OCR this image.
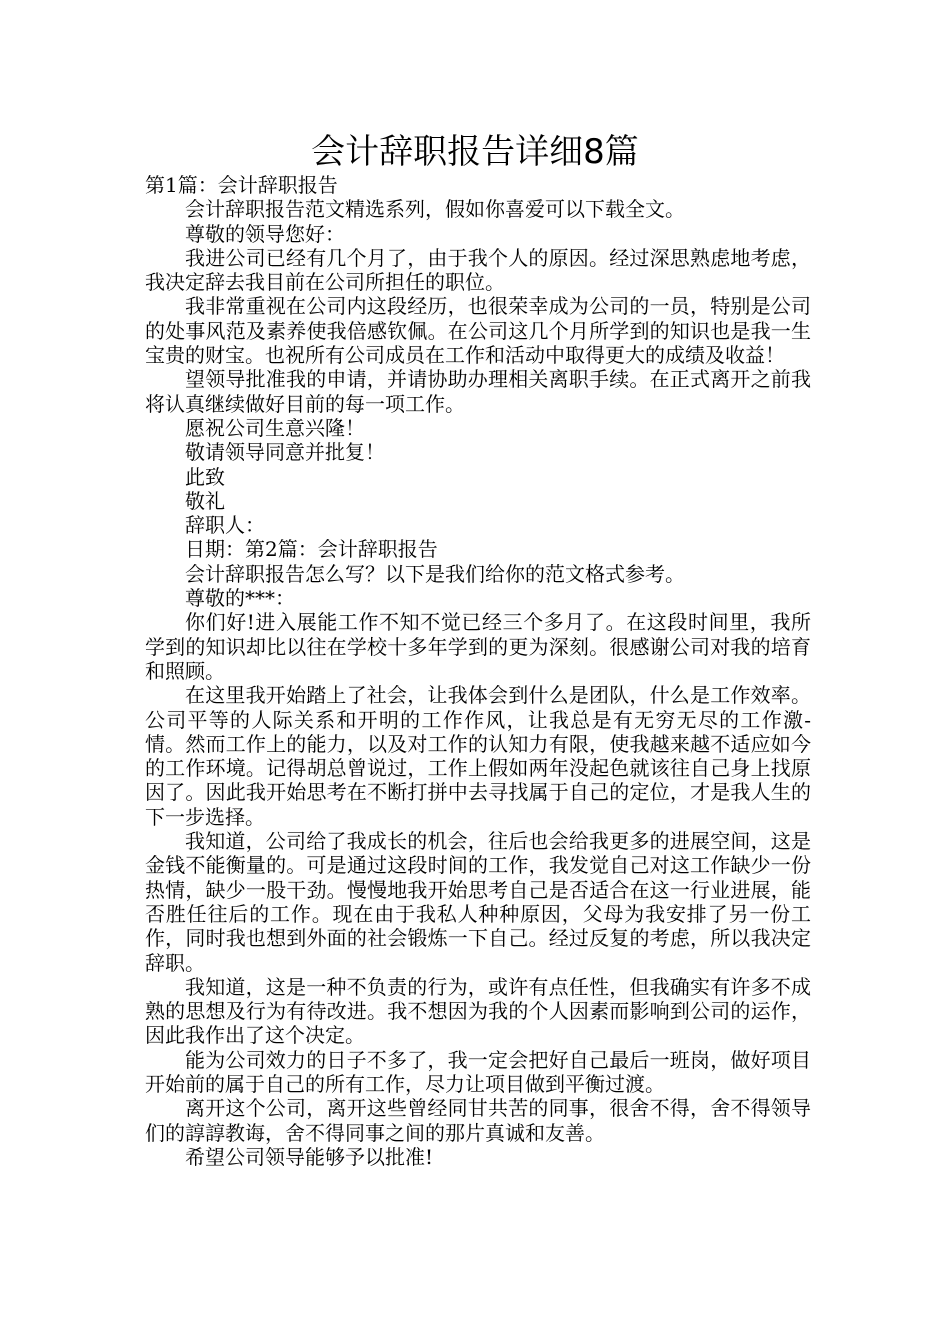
会计辞职报告详细8篇

第1篇：会计辞职报告

会计辞职报告范文精选系列，假如你喜爱可以下载全文。

尊敬的领导您好：

我进公司已经有几个月了，由于我个人的原因。经过深思熟虑地考虑，我决定辞去我目前在公司所担任的职位。

我非常重视在公司内这段经历，也很荣幸成为公司的一员，特别是公司的处事风范及素养使我倍感钦佩。在公司这几个月所学到的知识也是我一生宝贵的财宝。也祝所有公司成员在工作和活动中取得更大的成绩及收益！

望领导批准我的申请，并请协助办理相关离职手续。在正式离开之前我将认真继续做好目前的每一项工作。

愿祝公司生意兴隆！

敬请领导同意并批复！

此致

敬礼

辞职人：

日期：第2篇：会计辞职报告

会计辞职报告怎么写？以下是我们给你的范文格式参考。

尊敬的***：

你们好!进入展能工作不知不觉已经三个多月了。在这段时间里，我所学到的知识却比以往在学校十多年学到的更为深刻。很感谢公司对我的培育和照顾。

在这里我开始踏上了社会，让我体会到什么是团队，什么是工作效率。公司平等的人际关系和开明的工作作风，让我总是有无穷无尽的工作激-情。然而工作上的能力，以及对工作的认知力有限，使我越来越不适应如今的工作环境。记得胡总曾说过，工作上假如两年没起色就该往自己身上找原因了。因此我开始思考在不断打拼中去寻找属于自己的定位，才是我人生的下一步选择。

我知道，公司给了我成长的机会，往后也会给我更多的进展空间，这是金钱不能衡量的。可是通过这段时间的工作，我发觉自己对这工作缺少一份热情，缺少一股干劲。慢慢地我开始思考自己是否适合在这一行业进展，能否胜任往后的工作。现在由于我私人种种原因，父母为我安排了另一份工作，同时我也想到外面的社会锻炼一下自己。经过反复的考虑，所以我决定辞职。

我知道，这是一种不负责的行为，或许有点任性，但我确实有许多不成熟的思想及行为有待改进。我不想因为我的个人因素而影响到公司的运作，因此我作出了这个决定。

能为公司效力的日子不多了，我一定会把好自己最后一班岗，做好项目开始前的属于自己的所有工作，尽力让项目做到平衡过渡。

离开这个公司，离开这些曾经同甘共苦的同事，很舍不得，舍不得领导们的諄諄教诲，舍不得同事之间的那片真诚和友善。

希望公司领导能够予以批准!
